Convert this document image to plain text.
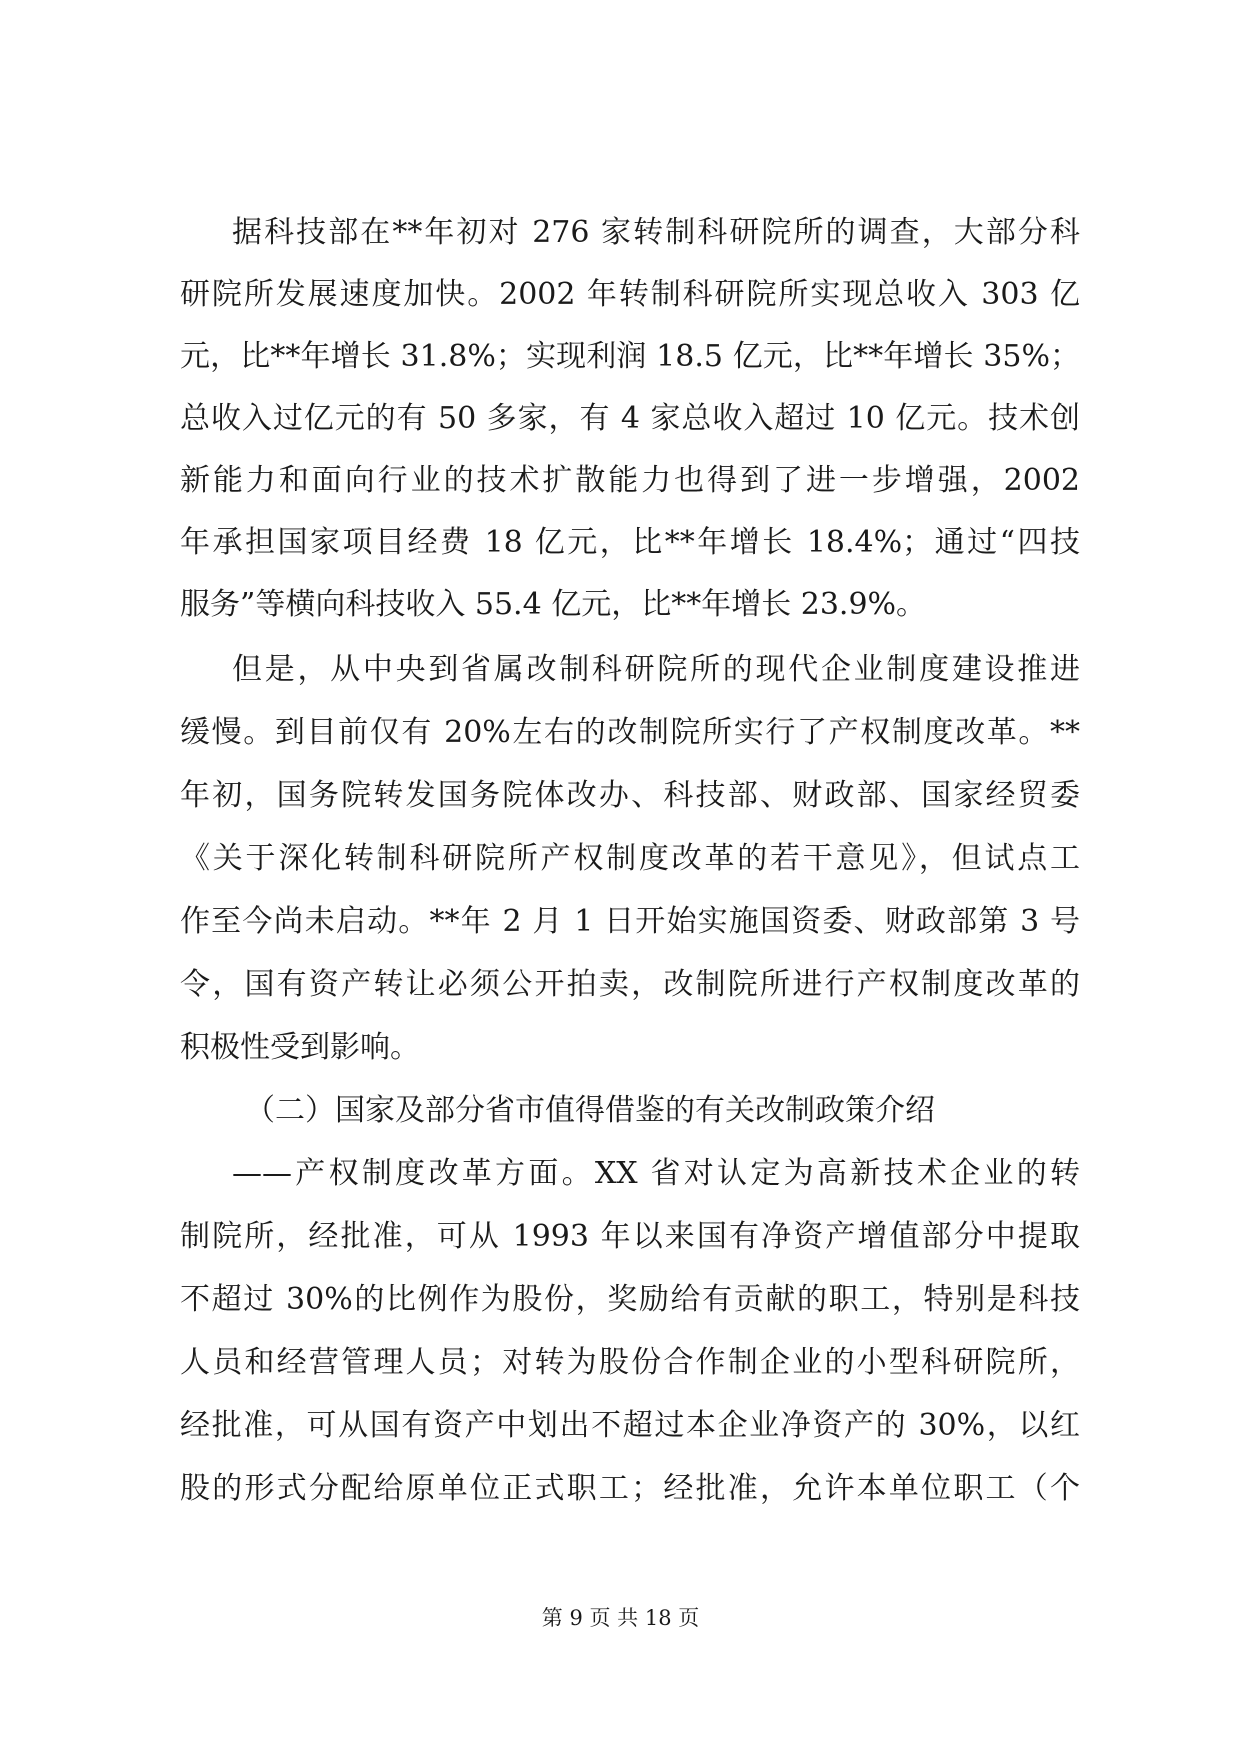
据科技部在**年初对 276 家转制科研院所的调查，大部分科
研院所发展速度加快。2002 年转制科研院所实现总收入 303 亿
元，比**年增长 31.8%；实现利润 18.5 亿元，比**年增长 35%；
总收入过亿元的有 50 多家，有 4 家总收入超过 10 亿元。技术创
新能力和面向行业的技术扩散能力也得到了进一步增强，2002
年承担国家项目经费 18 亿元，比**年增长 18.4%；通过“四技
服务”等横向科技收入 55.4 亿元，比**年增长 23.9%。
但是，从中央到省属改制科研院所的现代企业制度建设推进
缓慢。到目前仅有 20%左右的改制院所实行了产权制度改革。**
年初，国务院转发国务院体改办、科技部、财政部、国家经贸委
《关于深化转制科研院所产权制度改革的若干意见》，但试点工
作至今尚未启动。**年 2 月 1 日开始实施国资委、财政部第 3 号
令，国有资产转让必须公开拍卖，改制院所进行产权制度改革的
积极性受到影响。
（二）国家及部分省市值得借鉴的有关改制政策介绍
——产权制度改革方面。XX 省对认定为高新技术企业的转
制院所，经批准，可从 1993 年以来国有净资产增值部分中提取
不超过 30%的比例作为股份，奖励给有贡献的职工，特别是科技
人员和经营管理人员；对转为股份合作制企业的小型科研院所，
经批准，可从国有资产中划出不超过本企业净资产的 30%，以红
股的形式分配给原单位正式职工；经批准，允许本单位职工（个
第 9 页 共 18 页
